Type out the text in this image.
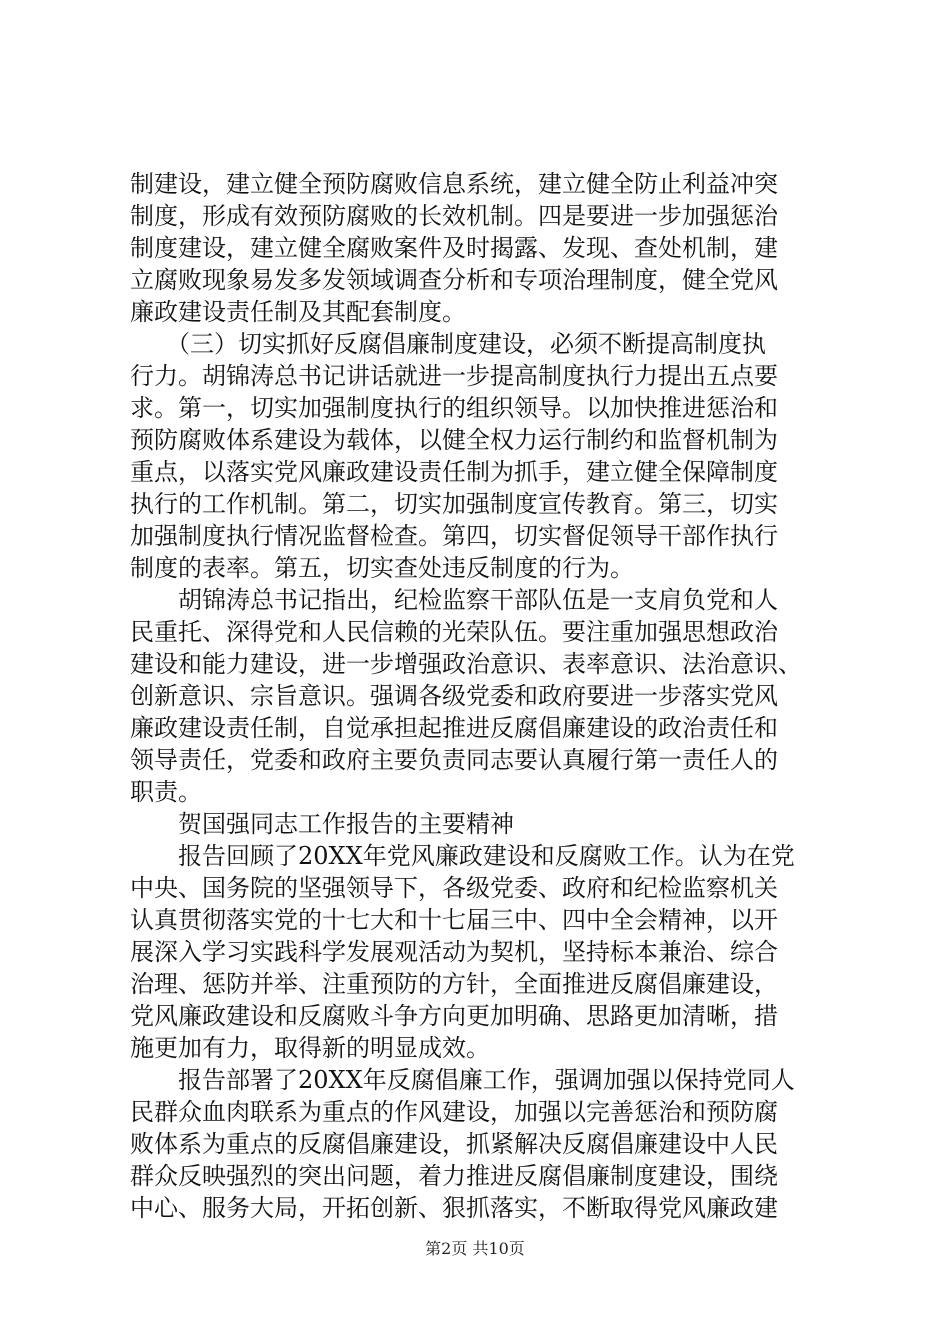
制建设，建立健全预防腐败信息系统，建立健全防止利益冲突
制度，形成有效预防腐败的长效机制。四是要进一步加强惩治
制度建设，建立健全腐败案件及时揭露、发现、查处机制，建
立腐败现象易发多发领域调查分析和专项治理制度，健全党风
廉政建设责任制及其配套制度。
　　（三）切实抓好反腐倡廉制度建设，必须不断提高制度执
行力。胡锦涛总书记讲话就进一步提高制度执行力提出五点要
求。第一，切实加强制度执行的组织领导。以加快推进惩治和
预防腐败体系建设为载体，以健全权力运行制约和监督机制为
重点，以落实党风廉政建设责任制为抓手，建立健全保障制度
执行的工作机制。第二，切实加强制度宣传教育。第三，切实
加强制度执行情况监督检查。第四，切实督促领导干部作执行
制度的表率。第五，切实查处违反制度的行为。
　　胡锦涛总书记指出，纪检监察干部队伍是一支肩负党和人
民重托、深得党和人民信赖的光荣队伍。要注重加强思想政治
建设和能力建设，进一步增强政治意识、表率意识、法治意识、
创新意识、宗旨意识。强调各级党委和政府要进一步落实党风
廉政建设责任制，自觉承担起推进反腐倡廉建设的政治责任和
领导责任，党委和政府主要负责同志要认真履行第一责任人的
职责。
　　贺国强同志工作报告的主要精神
　　报告回顾了20XX年党风廉政建设和反腐败工作。认为在党
中央、国务院的坚强领导下，各级党委、政府和纪检监察机关
认真贯彻落实党的十七大和十七届三中、四中全会精神，以开
展深入学习实践科学发展观活动为契机，坚持标本兼治、综合
治理、惩防并举、注重预防的方针，全面推进反腐倡廉建设，
党风廉政建设和反腐败斗争方向更加明确、思路更加清晰，措
施更加有力，取得新的明显成效。
　　报告部署了20XX年反腐倡廉工作，强调加强以保持党同人
民群众血肉联系为重点的作风建设，加强以完善惩治和预防腐
败体系为重点的反腐倡廉建设，抓紧解决反腐倡廉建设中人民
群众反映强烈的突出问题，着力推进反腐倡廉制度建设，围绕
中心、服务大局，开拓创新、狠抓落实，不断取得党风廉政建
第2页 共10页
